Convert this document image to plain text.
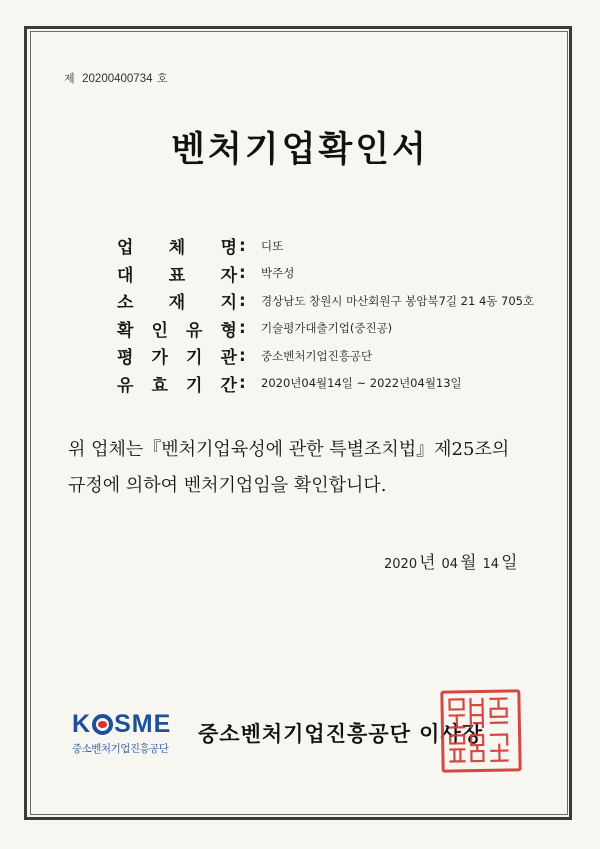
제 20200400734 호
벤처기업확인서
업 체 명 :	디또
대 표 자 :	박주성
소 재 지 :	경상남도 창원시 마산회원구 봉암북7길 21 4동 705호
확 인 유 형 :	기술평가대출기업(중진공)
평 가 기 관 :	중소벤처기업진흥공단
유 효 기 간 :	2020년04월14일 ~ 2022년04월13일
위 업체는『벤처기업육성에 관한 특별조치법』제25조의
규정에 의하여 벤처기업임을 확인합니다.
2020 년 04 월 14 일
K S M E
중소벤처기업진흥공단
중소벤처기업진흥공단 이사장
